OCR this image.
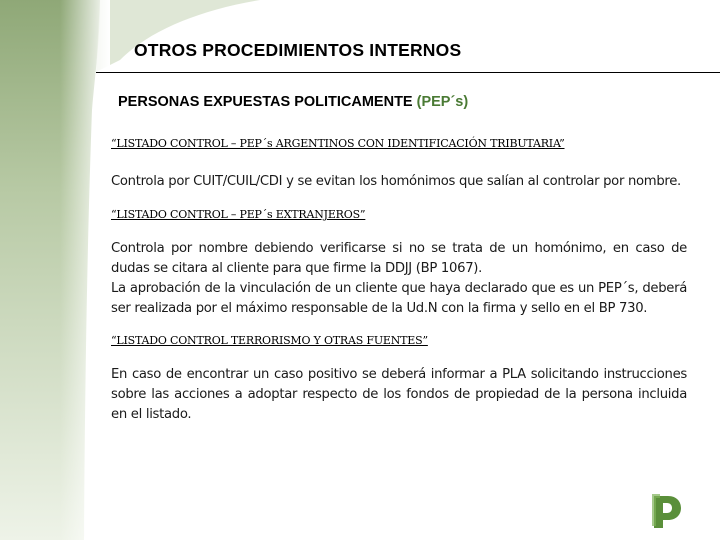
OTROS PROCEDIMIENTOS INTERNOS
PERSONAS EXPUESTAS POLITICAMENTE (PEP´s)
“LISTADO CONTROL – PEP´s ARGENTINOS CON IDENTIFICACIÓN TRIBUTARIA”

Controla por CUIT/CUIL/CDI y se evitan los homónimos que salían al controlar por nombre.

“LISTADO CONTROL – PEP´s EXTRANJEROS”

Controla por nombre debiendo verificarse si no se trata de un homónimo, en caso de dudas se citara al cliente para que firme la DDJJ (BP 1067).

La aprobación de la vinculación de un cliente que haya declarado que es un PEP´s, deberá ser realizada por el máximo responsable de la Ud.N con la firma y sello en el BP 730.

“LISTADO CONTROL TERRORISMO Y OTRAS FUENTES”

En caso de encontrar un caso positivo se deberá informar a PLA solicitando instrucciones sobre las acciones a adoptar respecto de los fondos de propiedad de la persona incluida en el listado.
